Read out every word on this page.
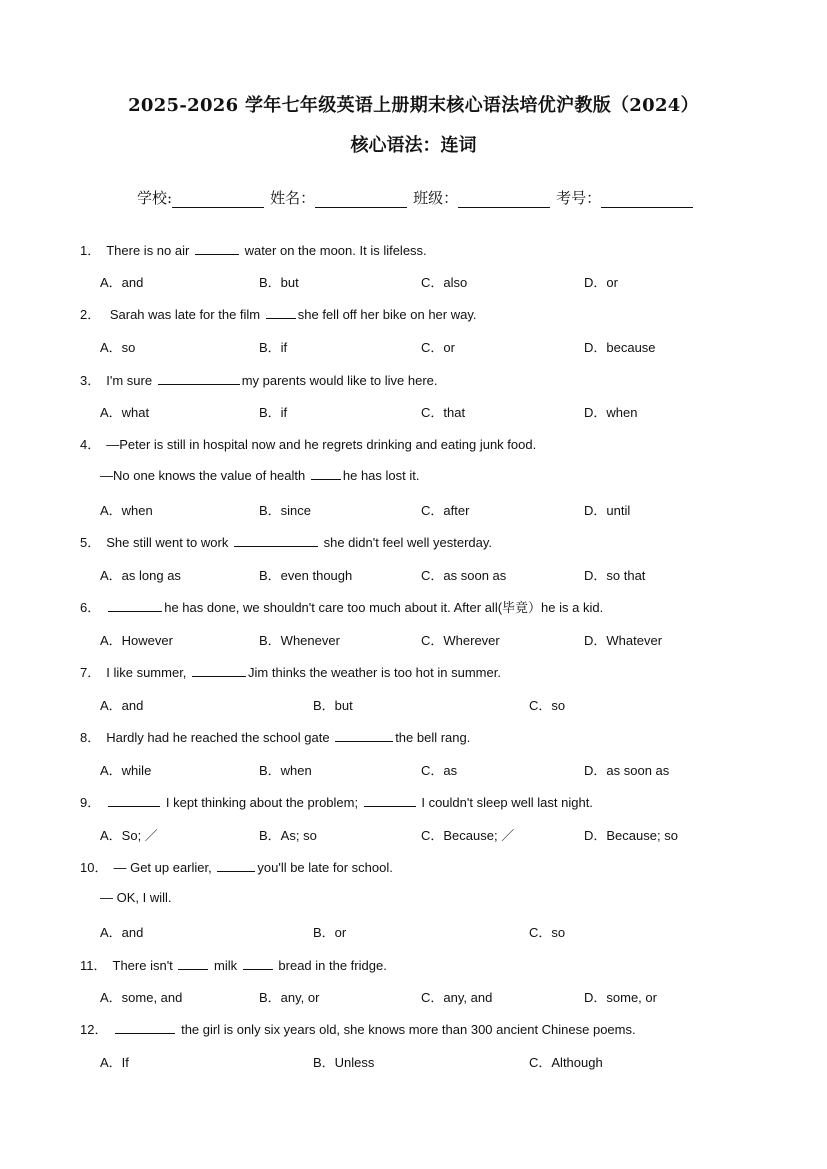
2025-2026 学年七年级英语上册期末核心语法培优沪教版（2024）
核心语法：连词
学校:	姓名：	班级：	考号：
1． There is no air	water on the moon. It is lifeless.
A．and	B．but	C．also	D．or
2． Sarah was late for the film	she fell off her bike on her way.
A．so	B．if	C．or	D．because
3． I'm sure	my parents would like to live here.
A．what	B．if	C．that	D．when
4． —Peter is still in hospital now and he regrets drinking and eating junk food.
—No one knows the value of health	he has lost it.
A．when	B．since	C．after	D．until
5． She still went to work	she didn't feel well yesterday.
A．as long as	B．even though	C．as soon as	D．so that
6．	he has done, we shouldn't care too much about it. After all(毕竟）he is a kid.
A．However	B．Whenever	C．Wherever	D．Whatever
7． I like summer,	Jim thinks the weather is too hot in summer.
A．and	B．but	C．so
8． Hardly had he reached the school gate	the bell rang.
A．while	B．when	C．as	D．as soon as
9．	I kept thinking about the problem;	I couldn't sleep well last night.
A．So; ／	B．As; so	C．Because; ／	D．Because; so
10． — Get up earlier,	you'll be late for school.
— OK, I will.
A．and	B．or	C．so
11． There isn't	milk	bread in the fridge.
A．some, and	B．any, or	C．any, and	D．some, or
12．	the girl is only six years old, she knows more than 300 ancient Chinese poems.
A．If	B．Unless	C．Although
